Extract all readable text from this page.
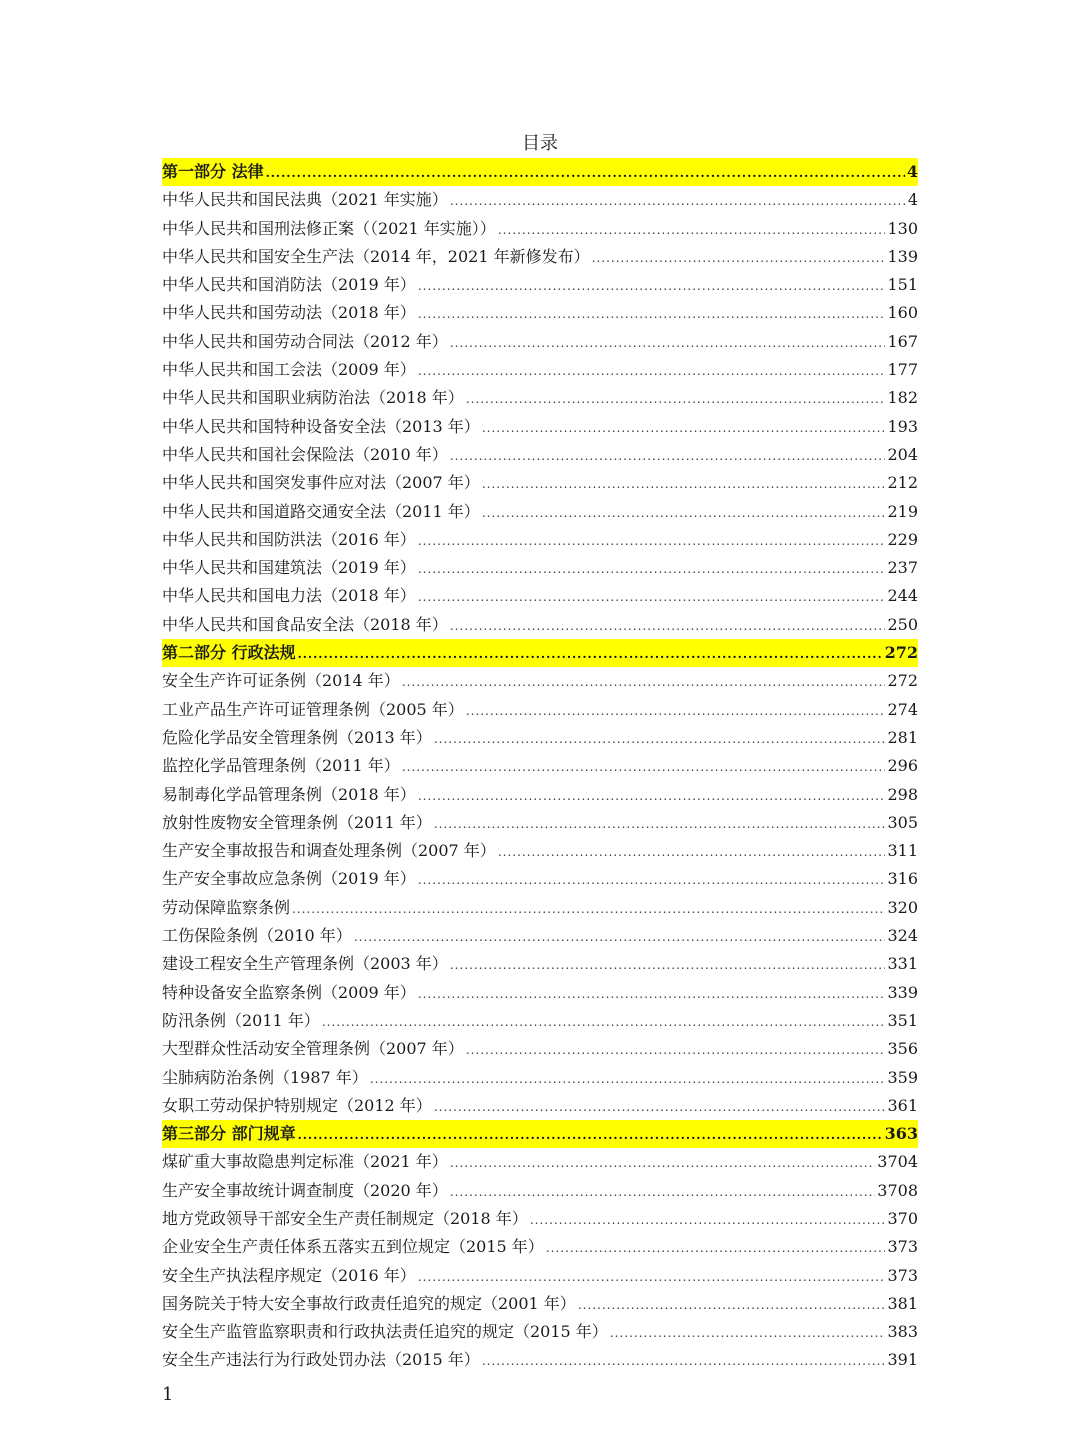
目录
第一部分 法律 .....	4
中华人民共和国民法典（2021 年实施） .....	4
中华人民共和国刑法修正案（（2021 年实施）） .....	130
中华人民共和国安全生产法（2014 年，2021 年新修发布） .....	139
中华人民共和国消防法（2019 年） .....	151
中华人民共和国劳动法（2018 年） .....	160
中华人民共和国劳动合同法（2012 年） .....	167
中华人民共和国工会法（2009 年） .....	177
中华人民共和国职业病防治法（2018 年） .....	182
中华人民共和国特种设备安全法（2013 年） .....	193
中华人民共和国社会保险法（2010 年） .....	204
中华人民共和国突发事件应对法（2007 年） .....	212
中华人民共和国道路交通安全法（2011 年） .....	219
中华人民共和国防洪法（2016 年） .....	229
中华人民共和国建筑法（2019 年） .....	237
中华人民共和国电力法（2018 年） .....	244
中华人民共和国食品安全法（2018 年） .....	250
第二部分 行政法规 .....	272
安全生产许可证条例（2014 年） .....	272
工业产品生产许可证管理条例（2005 年） .....	274
危险化学品安全管理条例（2013 年） .....	281
监控化学品管理条例（2011 年） .....	296
易制毒化学品管理条例（2018 年） .....	298
放射性废物安全管理条例（2011 年） .....	305
生产安全事故报告和调查处理条例（2007 年） .....	311
生产安全事故应急条例（2019 年） .....	316
劳动保障监察条例 .....	320
工伤保险条例（2010 年） .....	324
建设工程安全生产管理条例（2003 年） .....	331
特种设备安全监察条例（2009 年） .....	339
防汛条例（2011 年） .....	351
大型群众性活动安全管理条例（2007 年） .....	356
尘肺病防治条例（1987 年） .....	359
女职工劳动保护特别规定（2012 年） .....	361
第三部分 部门规章 .....	363
煤矿重大事故隐患判定标准（2021 年） .....	3704
生产安全事故统计调查制度（2020 年） .....	3708
地方党政领导干部安全生产责任制规定（2018 年） .....	370
企业安全生产责任体系五落实五到位规定（2015 年） .....	373
安全生产执法程序规定（2016 年） .....	373
国务院关于特大安全事故行政责任追究的规定（2001 年） .....	381
安全生产监管监察职责和行政执法责任追究的规定（2015 年） .....	383
安全生产违法行为行政处罚办法（2015 年） .....	391
1
